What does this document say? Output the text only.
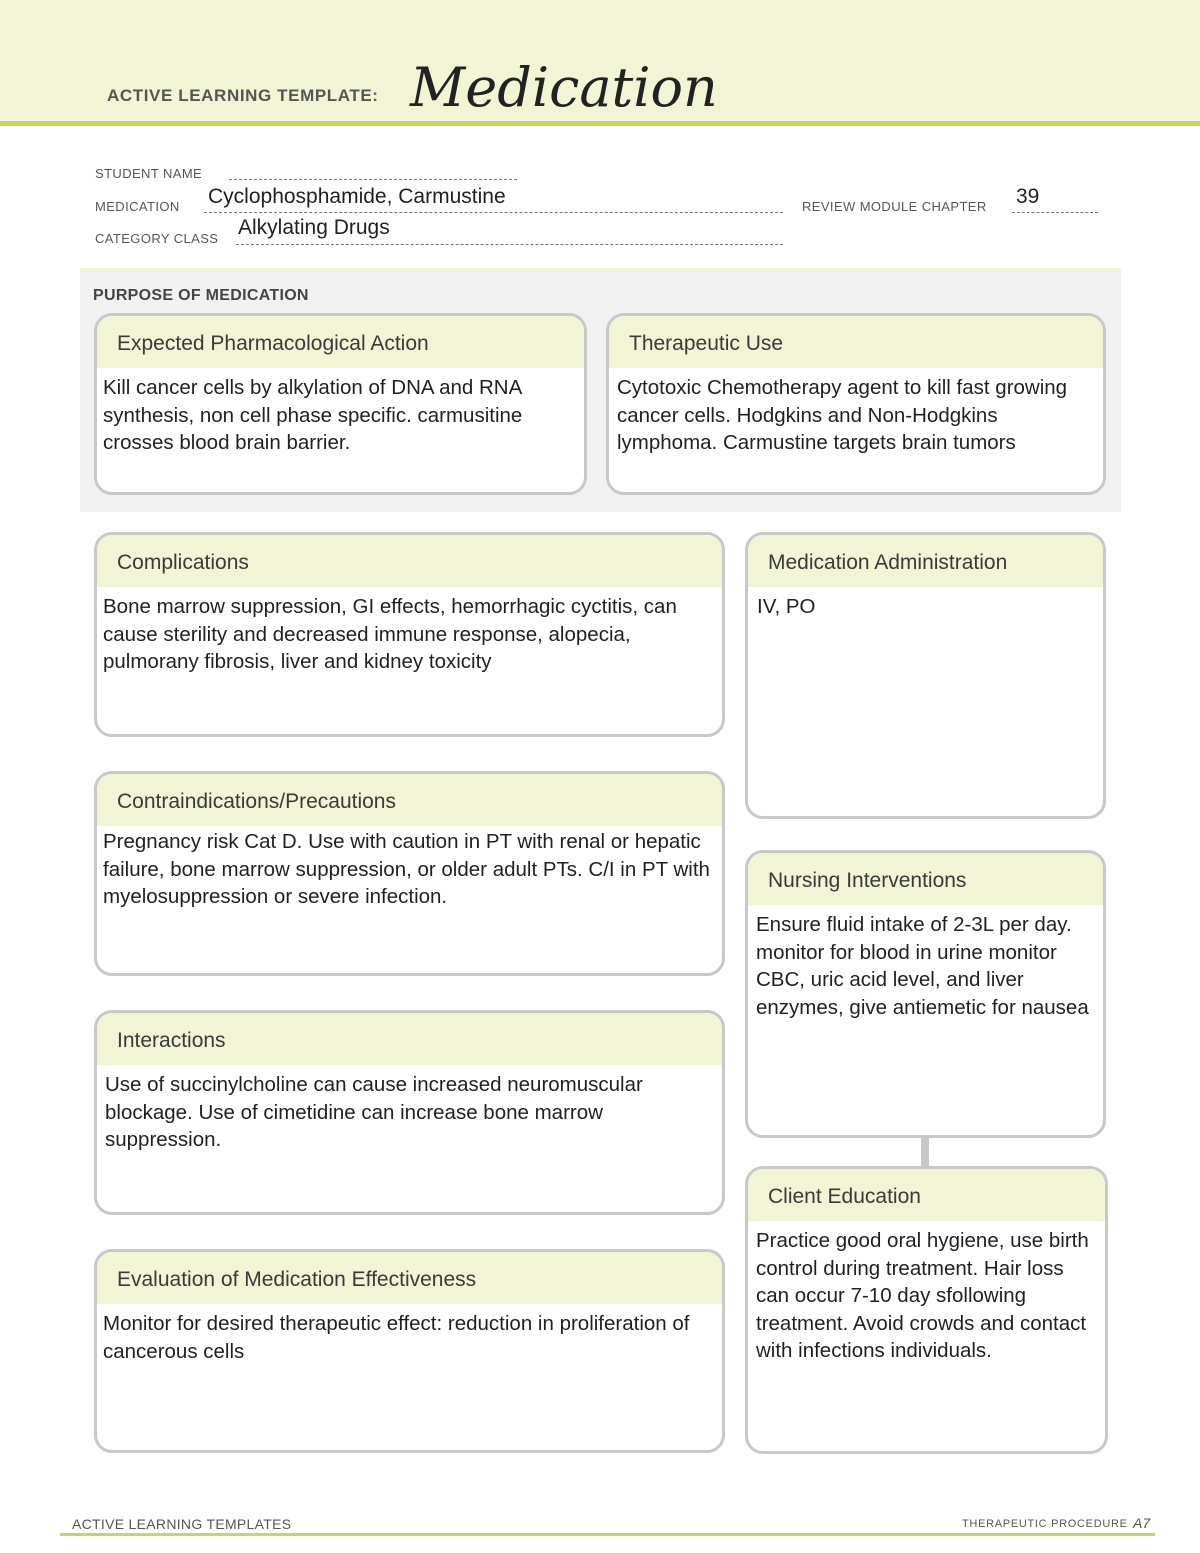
ACTIVE LEARNING TEMPLATE: Medication
STUDENT NAME
MEDICATION Cyclophosphamide, Carmustine	REVIEW MODULE CHAPTER 39
CATEGORY CLASS Alkylating Drugs
PURPOSE OF MEDICATION
Expected Pharmacological Action
Kill cancer cells by alkylation of DNA and RNA synthesis, non cell phase specific. carmusitine crosses blood brain barrier.
Therapeutic Use
Cytotoxic Chemotherapy agent to kill fast growing cancer cells. Hodgkins and Non-Hodgkins lymphoma. Carmustine targets brain tumors
Complications
Bone marrow suppression, GI effects, hemorrhagic cyctitis, can cause sterility and decreased immune response, alopecia, pulmorany fibrosis, liver and kidney toxicity
Contraindications/Precautions
Pregnancy risk Cat D. Use with caution in PT with renal or hepatic failure, bone marrow suppression, or older adult PTs. C/I in PT with myelosuppression or severe infection.
Interactions
Use of succinylcholine can cause increased neuromuscular blockage. Use of cimetidine can increase bone marrow suppression.
Evaluation of Medication Effectiveness
Monitor for desired therapeutic effect: reduction in proliferation of cancerous cells
Medication Administration
IV, PO
Nursing Interventions
Ensure fluid intake of 2-3L per day. monitor for blood in urine monitor CBC, uric acid level, and liver enzymes, give antiemetic for nausea
Client Education
Practice good oral hygiene, use birth control during treatment. Hair loss can occur 7-10 day sfollowing treatment. Avoid crowds and contact with infections individuals.
ACTIVE LEARNING TEMPLATES	THERAPEUTIC PROCEDURE A7
